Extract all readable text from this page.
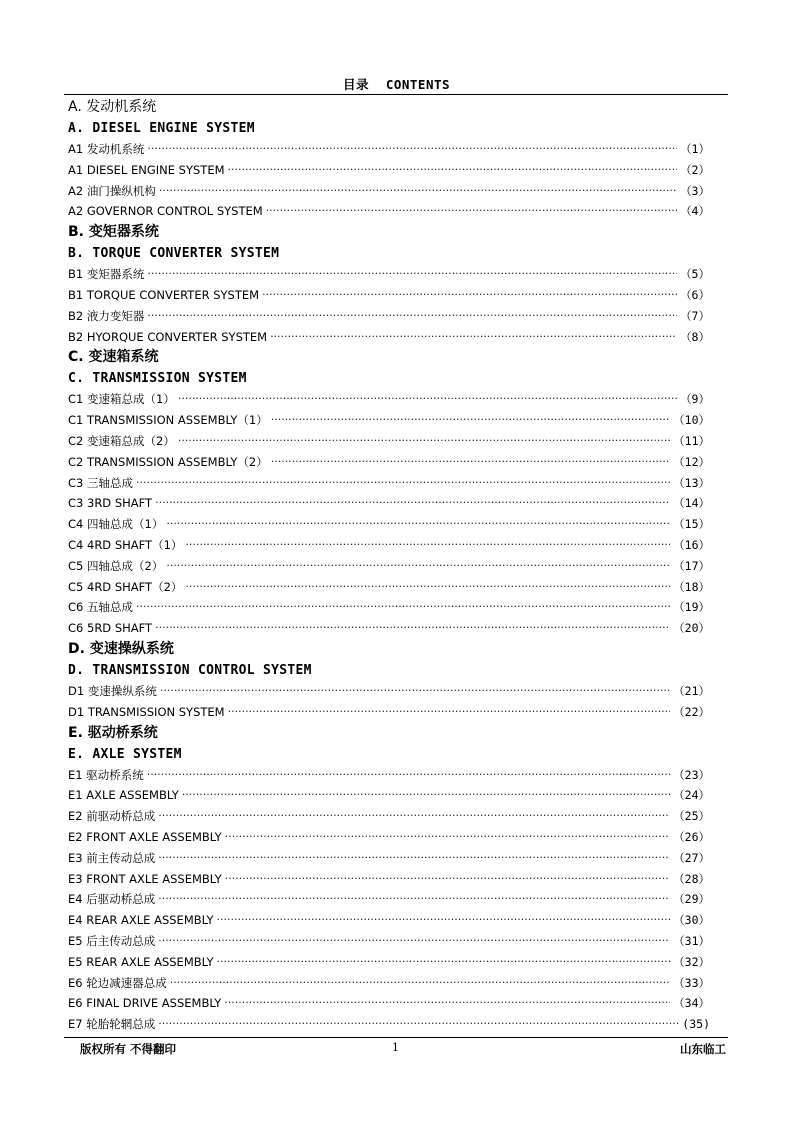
目录 CONTENTS
A. 发动机系统
A. DIESEL ENGINE SYSTEM
A1 发动机系统 ·····	（1）
A1 DIESEL ENGINE SYSTEM ·····	（2）
A2 油门操纵机构 ·····	（3）
A2 GOVERNOR CONTROL SYSTEM ·····	（4）
B. 变矩器系统
B. TORQUE CONVERTER SYSTEM
B1 变矩器系统 ·····	（5）
B1 TORQUE CONVERTER SYSTEM ·····	（6）
B2 液力变矩器 ·····	（7）
B2 HYORQUE CONVERTER SYSTEM ·····	（8）
C. 变速箱系统
C. TRANSMISSION SYSTEM
C1 变速箱总成（1） ·····	（9）
C1 TRANSMISSION ASSEMBLY（1） ·····	（10）
C2 变速箱总成（2） ·····	（11）
C2 TRANSMISSION ASSEMBLY（2） ·····	（12）
C3 三轴总成 ·····	（13）
C3 3RD SHAFT ·····	（14）
C4 四轴总成（1） ·····	（15）
C4 4RD SHAFT（1） ·····	（16）
C5 四轴总成（2） ·····	（17）
C5 4RD SHAFT（2） ·····	（18）
C6 五轴总成 ·····	（19）
C6 5RD SHAFT ·····	（20）
D. 变速操纵系统
D. TRANSMISSION CONTROL SYSTEM
D1 变速操纵系统 ·····	（21）
D1 TRANSMISSION SYSTEM ·····	（22）
E. 驱动桥系统
E. AXLE SYSTEM
E1 驱动桥系统 ·····	（23）
E1 AXLE ASSEMBLY ·····	（24）
E2 前驱动桥总成 ·····	（25）
E2 FRONT AXLE ASSEMBLY ·····	（26）
E3 前主传动总成 ·····	（27）
E3 FRONT AXLE ASSEMBLY ·····	（28）
E4 后驱动桥总成 ·····	（29）
E4 REAR AXLE ASSEMBLY ·····	（30）
E5 后主传动总成 ·····	（31）
E5 REAR AXLE ASSEMBLY ·····	（32）
E6 轮边减速器总成 ·····	（33）
E6 FINAL DRIVE ASSEMBLY ·····	（34）
E7 轮胎轮辋总成 ·····	(35)
版权所有 不得翻印	1	山东临工
